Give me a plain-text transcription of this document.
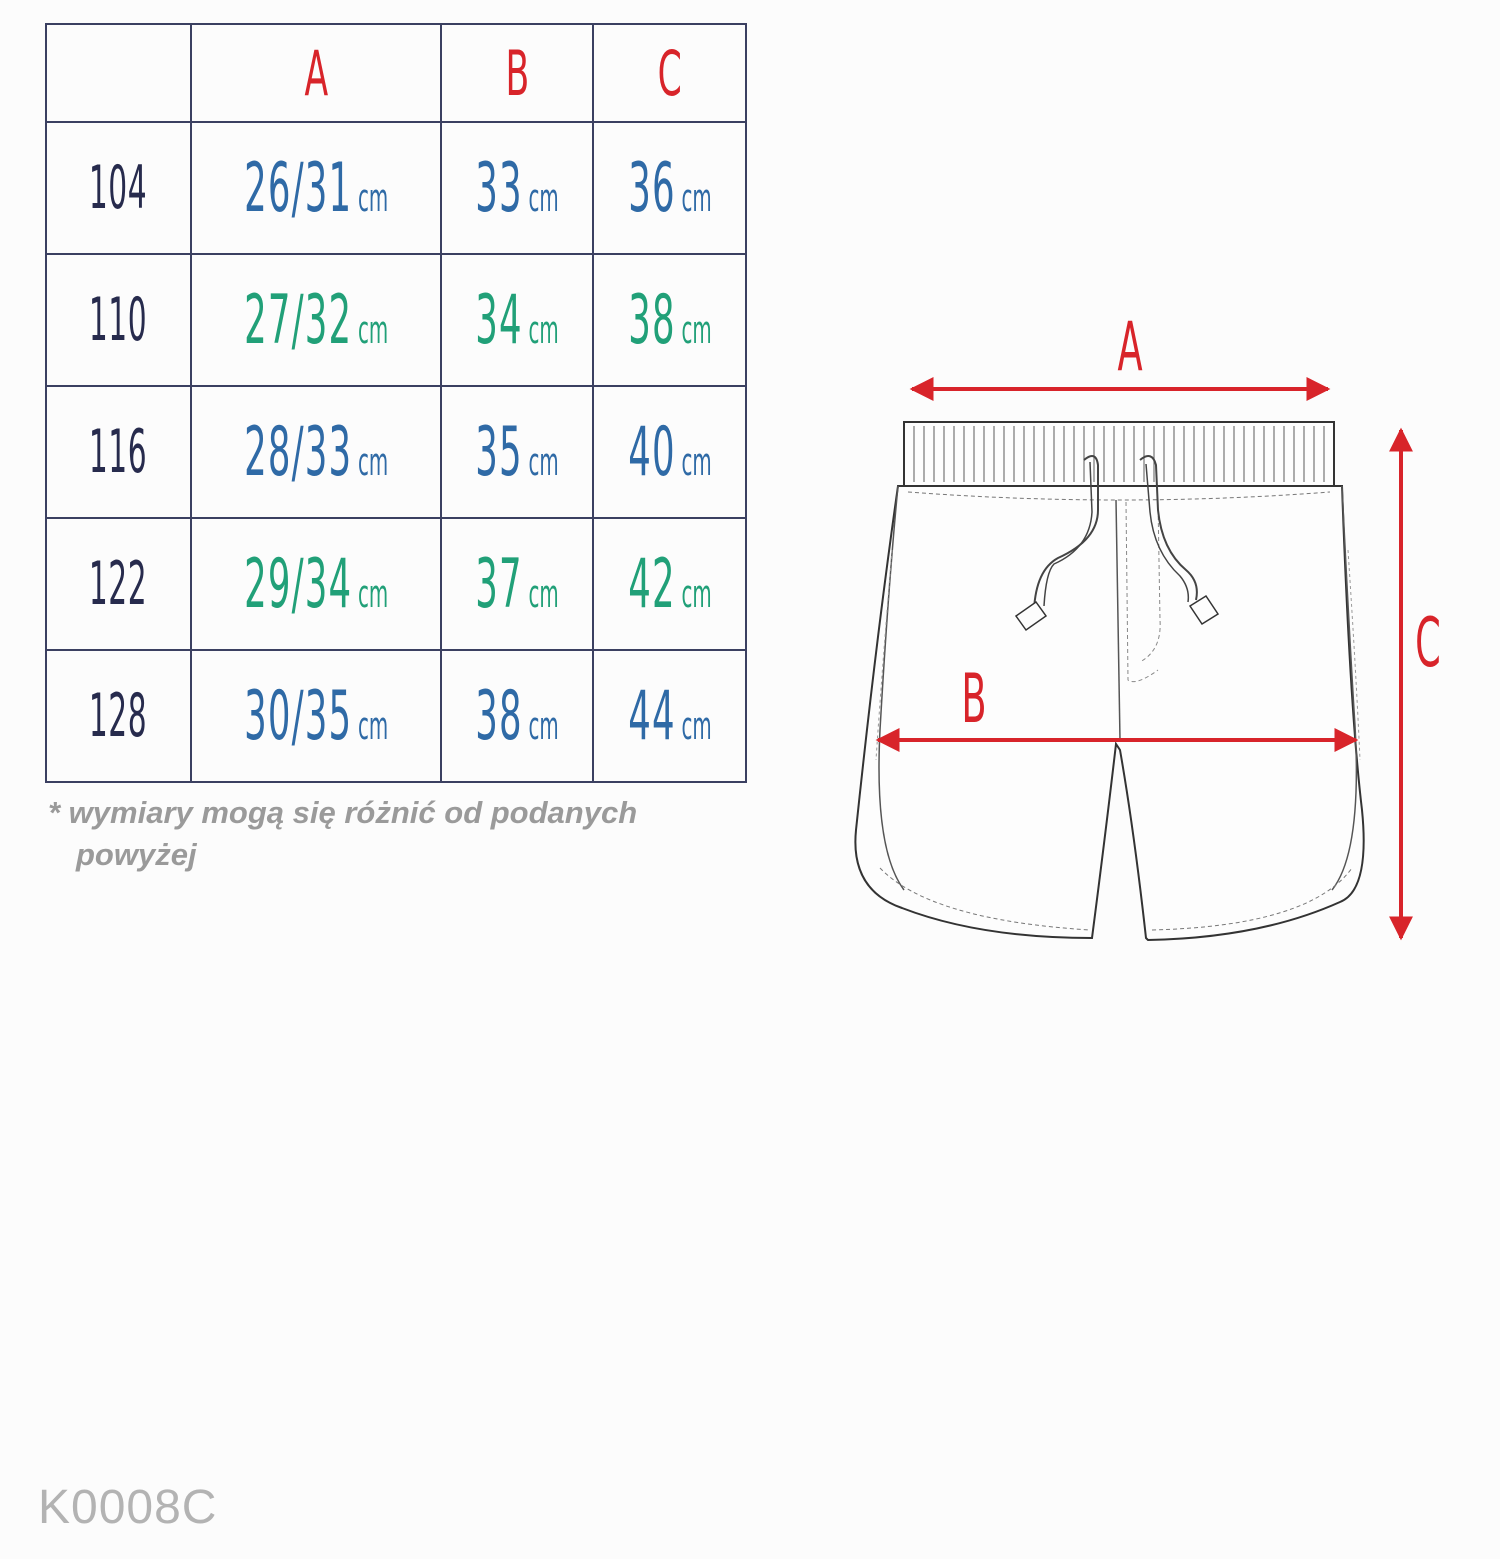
	A	B	C
104	26/31 cm	33 cm	36 cm
110	27/32 cm	34 cm	38 cm
116	28/33 cm	35 cm	40 cm
122	29/34 cm	37 cm	42 cm
128	30/35 cm	38 cm	44 cm
* wymiary mogą się różnić od podanych powyżej
A
B
C
K0008C
